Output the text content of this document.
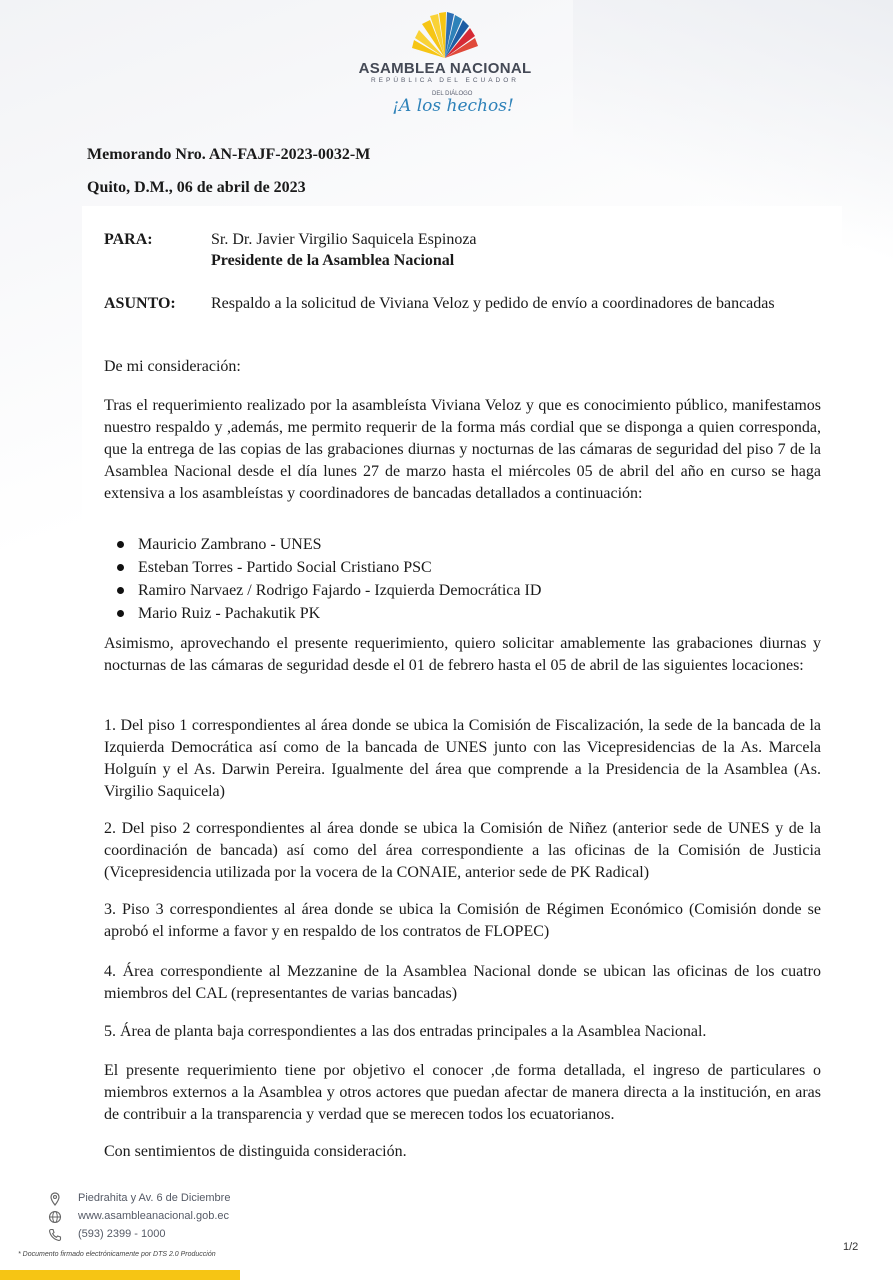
ASAMBLEA NACIONAL
REPÚBLICA DEL ECUADOR
DEL DIÁLOGO
¡A los hechos!
Memorando Nro. AN-FAJF-2023-0032-M
Quito, D.M., 06 de abril de 2023
PARA:	Sr. Dr. Javier Virgilio Saquicela Espinoza
Presidente de la Asamblea Nacional
ASUNTO: Respaldo a la solicitud de Viviana Veloz y pedido de envío a coordinadores de bancadas

De mi consideración:

Tras el requerimiento realizado por la asambleísta Viviana Veloz y que es conocimiento público, manifestamos nuestro respaldo y ,además, me permito requerir de la forma más cordial que se disponga a quien corresponda, que la entrega de las copias de las grabaciones diurnas y nocturnas de las cámaras de seguridad del piso 7 de la Asamblea Nacional desde el día lunes 27 de marzo hasta el miércoles 05 de abril del año en curso se haga extensiva a los asambleístas y coordinadores de bancadas detallados a continuación:

Mauricio Zambrano - UNES
Esteban Torres - Partido Social Cristiano PSC
Ramiro Narvaez / Rodrigo Fajardo - Izquierda Democrática ID
Mario Ruiz - Pachakutik PK

Asimismo, aprovechando el presente requerimiento, quiero solicitar amablemente las grabaciones diurnas y nocturnas de las cámaras de seguridad desde el 01 de febrero hasta el 05 de abril de las siguientes locaciones:

1. Del piso 1 correspondientes al área donde se ubica la Comisión de Fiscalización, la sede de la bancada de la Izquierda Democrática así como de la bancada de UNES junto con las Vicepresidencias de la As. Marcela Holguín y el As. Darwin Pereira. Igualmente del área que comprende a la Presidencia de la Asamblea (As. Virgilio Saquicela)

2. Del piso 2 correspondientes al área donde se ubica la Comisión de Niñez (anterior sede de UNES y de la coordinación de bancada) así como del área correspondiente a las oficinas de la Comisión de Justicia (Vicepresidencia utilizada por la vocera de la CONAIE, anterior sede de PK Radical)

3. Piso 3 correspondientes al área donde se ubica la Comisión de Régimen Económico (Comisión donde se aprobó el informe a favor y en respaldo de los contratos de FLOPEC)

4. Área correspondiente al Mezzanine de la Asamblea Nacional donde se ubican las oficinas de los cuatro miembros del CAL (representantes de varias bancadas)

5. Área de planta baja correspondientes a las dos entradas principales a la Asamblea Nacional.

El presente requerimiento tiene por objetivo el conocer ,de forma detallada, el ingreso de particulares o miembros externos a la Asamblea y otros actores que puedan afectar de manera directa a la institución, en aras de contribuir a la transparencia y verdad que se merecen todos los ecuatorianos.

Con sentimientos de distinguida consideración.

Piedrahita y Av. 6 de Diciembre
www.asambleanacional.gob.ec
(593) 2399 - 1000
* Documento firmado electrónicamente por DTS 2.0 Producción
1/2
